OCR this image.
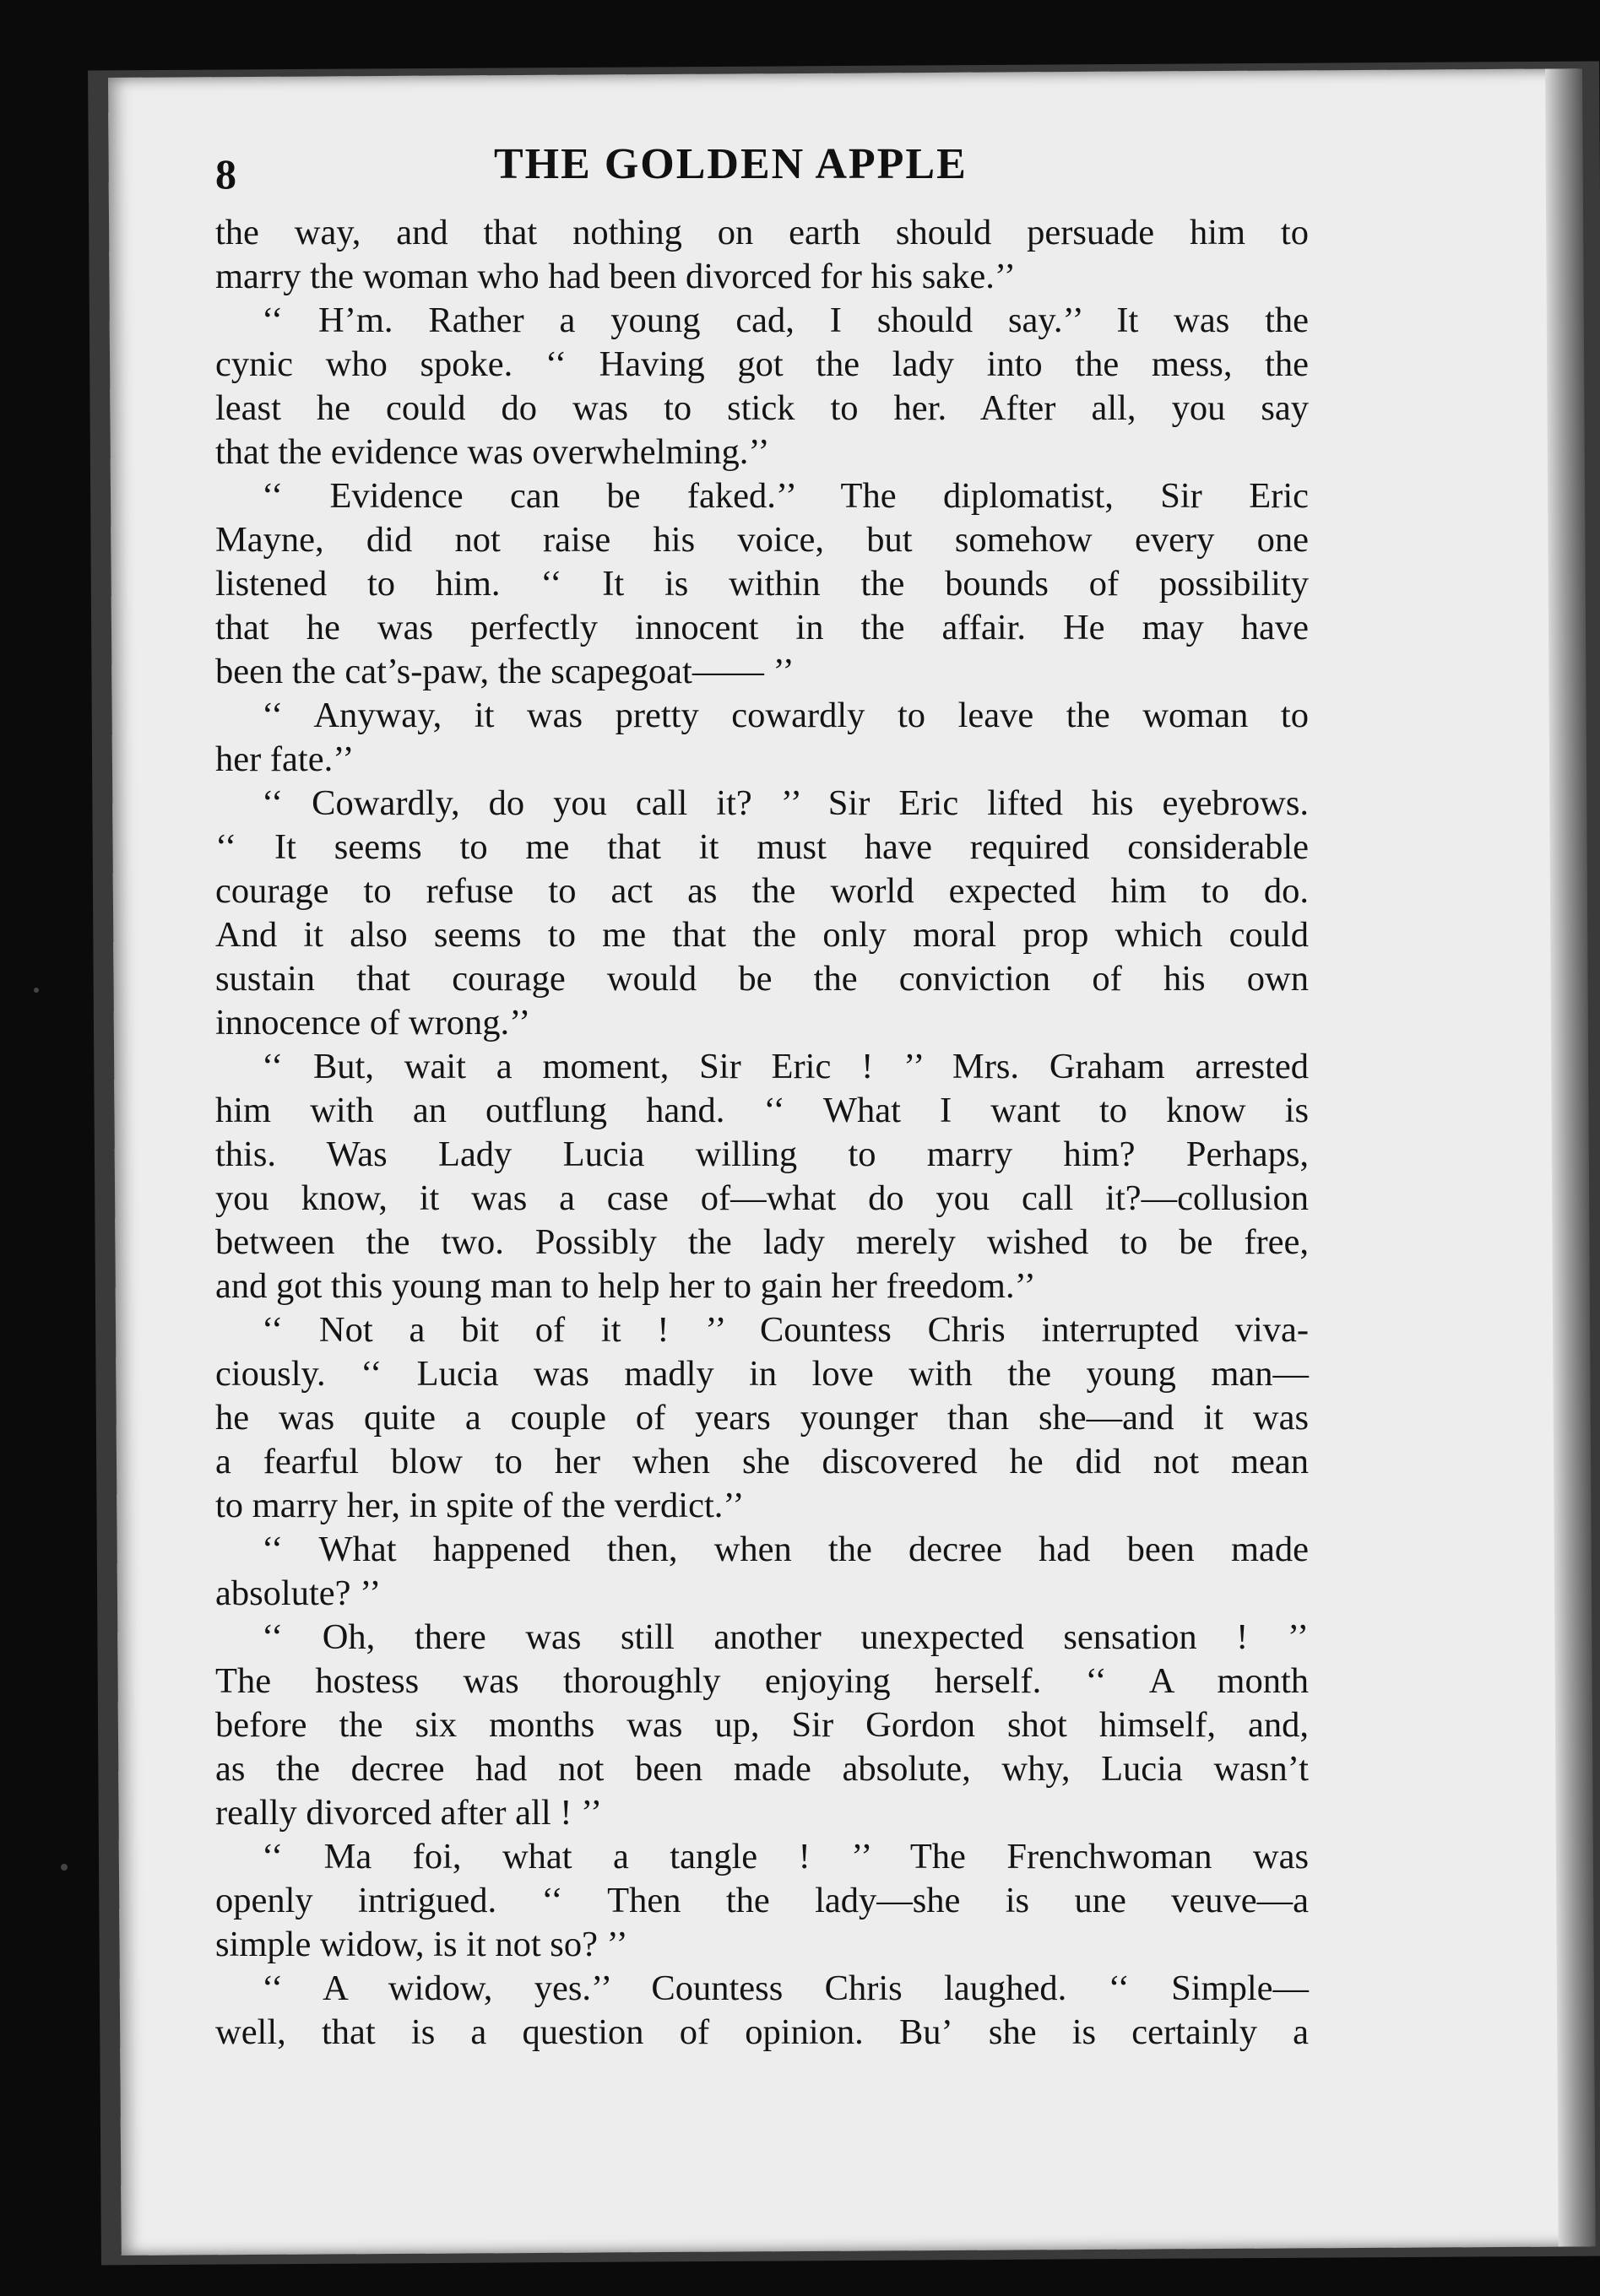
8	THE GOLDEN APPLE
the way, and that nothing on earth should persuade him to
marry the woman who had been divorced for his sake.’’
‘‘ H’m. Rather a young cad, I should say.’’ It was the
cynic who spoke. ‘‘ Having got the lady into the mess, the
least he could do was to stick to her. After all, you say
that the evidence was overwhelming.’’
‘‘ Evidence can be faked.’’ The diplomatist, Sir Eric
Mayne, did not raise his voice, but somehow every one
listened to him. ‘‘ It is within the bounds of possibility
that he was perfectly innocent in the affair. He may have
been the cat’s-paw, the scapegoat—— ’’
‘‘ Anyway, it was pretty cowardly to leave the woman to
her fate.’’
‘‘ Cowardly, do you call it? ’’ Sir Eric lifted his eyebrows.
‘‘ It seems to me that it must have required considerable
courage to refuse to act as the world expected him to do.
And it also seems to me that the only moral prop which could
sustain that courage would be the conviction of his own
innocence of wrong.’’
‘‘ But, wait a moment, Sir Eric ! ’’ Mrs. Graham arrested
him with an outflung hand. ‘‘ What I want to know is
this. Was Lady Lucia willing to marry him? Perhaps,
you know, it was a case of—what do you call it?—collusion
between the two. Possibly the lady merely wished to be free,
and got this young man to help her to gain her freedom.’’
‘‘ Not a bit of it ! ’’ Countess Chris interrupted viva-
ciously. ‘‘ Lucia was madly in love with the young man—
he was quite a couple of years younger than she—and it was
a fearful blow to her when she discovered he did not mean
to marry her, in spite of the verdict.’’
‘‘ What happened then, when the decree had been made
absolute? ’’
‘‘ Oh, there was still another unexpected sensation ! ’’
The hostess was thoroughly enjoying herself. ‘‘ A month
before the six months was up, Sir Gordon shot himself, and,
as the decree had not been made absolute, why, Lucia wasn’t
really divorced after all ! ’’
‘‘ Ma foi, what a tangle ! ’’ The Frenchwoman was
openly intrigued. ‘‘ Then the lady—she is une veuve—a
simple widow, is it not so? ’’
‘‘ A widow, yes.’’ Countess Chris laughed. ‘‘ Simple—
well, that is a question of opinion. Buʼ she is certainly a
